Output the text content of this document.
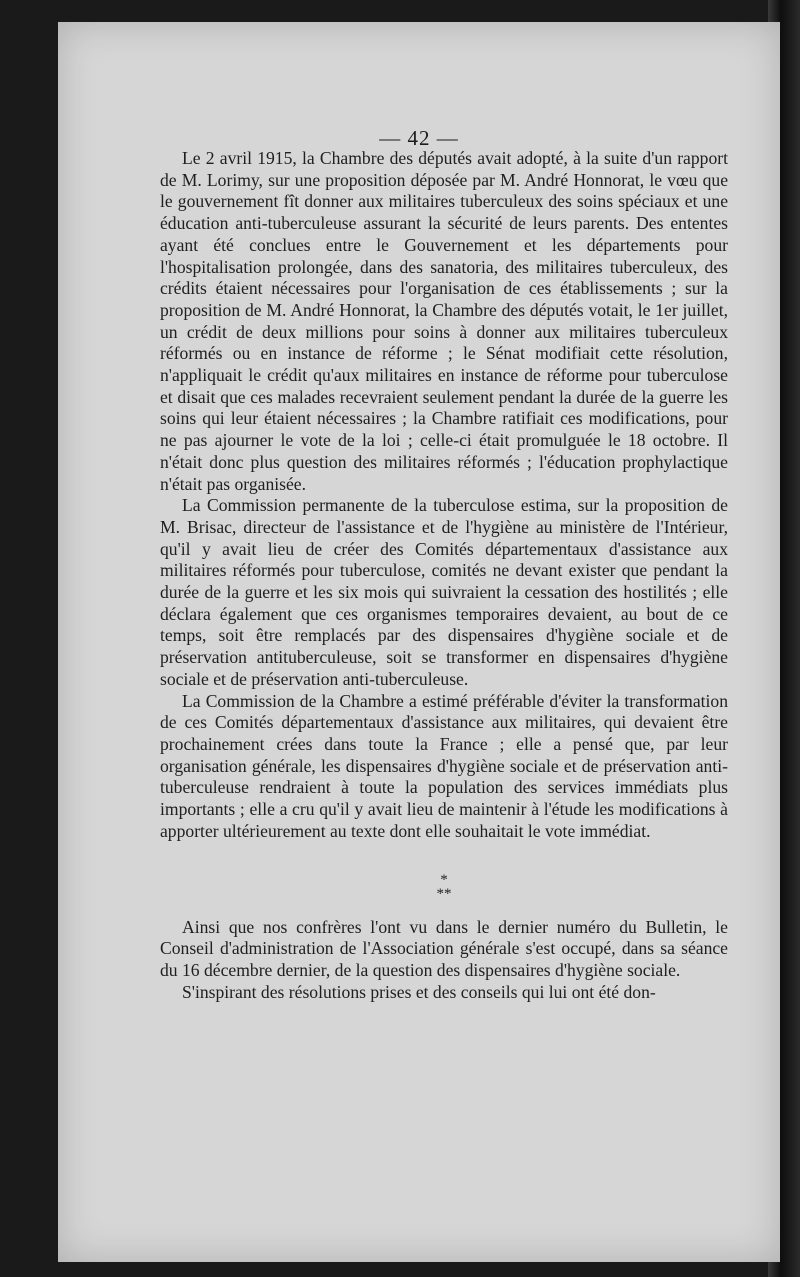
— 42 —

Le 2 avril 1915, la Chambre des députés avait adopté, à la suite d'un rapport de M. Lorimy, sur une proposition déposée par M. André Honnorat, le vœu que le gouvernement fît donner aux militaires tuberculeux des soins spéciaux et une éducation anti-tuberculeuse assurant la sécurité de leurs parents. Des ententes ayant été conclues entre le Gouvernement et les départements pour l'hospitalisation prolongée, dans des sanatoria, des militaires tuberculeux, des crédits étaient nécessaires pour l'organisation de ces établissements ; sur la proposition de M. André Honnorat, la Chambre des députés votait, le 1er juillet, un crédit de deux millions pour soins à donner aux militaires tuberculeux réformés ou en instance de réforme ; le Sénat modifiait cette résolution, n'appliquait le crédit qu'aux militaires en instance de réforme pour tuberculose et disait que ces malades recevraient seulement pendant la durée de la guerre les soins qui leur étaient nécessaires ; la Chambre ratifiait ces modifications, pour ne pas ajourner le vote de la loi ; celle-ci était promulguée le 18 octobre. Il n'était donc plus question des militaires réformés ; l'éducation prophylactique n'était pas organisée.

La Commission permanente de la tuberculose estima, sur la proposition de M. Brisac, directeur de l'assistance et de l'hygiène au ministère de l'Intérieur, qu'il y avait lieu de créer des Comités départementaux d'assistance aux militaires réformés pour tuberculose, comités ne devant exister que pendant la durée de la guerre et les six mois qui suivraient la cessation des hostilités ; elle déclara également que ces organismes temporaires devaient, au bout de ce temps, soit être remplacés par des dispensaires d'hygiène sociale et de préservation antituberculeuse, soit se transformer en dispensaires d'hygiène sociale et de préservation anti-tuberculeuse.

La Commission de la Chambre a estimé préférable d'éviter la transformation de ces Comités départementaux d'assistance aux militaires, qui devaient être prochainement crées dans toute la France ; elle a pensé que, par leur organisation générale, les dispensaires d'hygiène sociale et de préservation anti-tuberculeuse rendraient à toute la population des services immédiats plus importants ; elle a cru qu'il y avait lieu de maintenir à l'étude les modifications à apporter ultérieurement au texte dont elle souhaitait le vote immédiat.

*
**

Ainsi que nos confrères l'ont vu dans le dernier numéro du Bulletin, le Conseil d'administration de l'Association générale s'est occupé, dans sa séance du 16 décembre dernier, de la question des dispensaires d'hygiène sociale.

S'inspirant des résolutions prises et des conseils qui lui ont été don-
